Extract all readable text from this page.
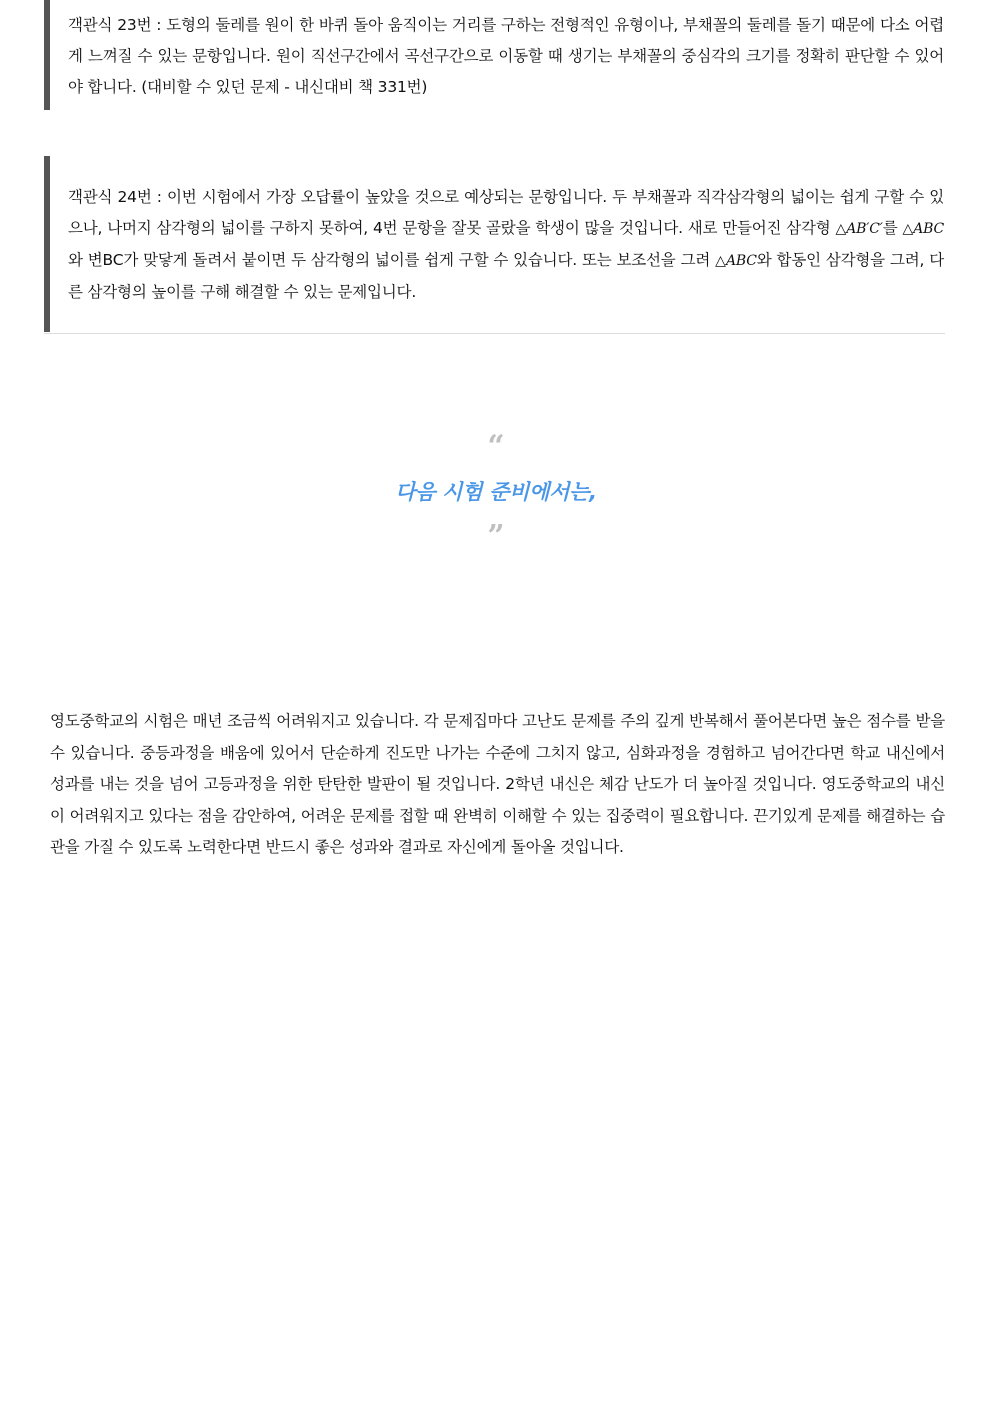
객관식 23번 : 도형의 둘레를 원이 한 바퀴 돌아 움직이는 거리를 구하는 전형적인 유형이나, 부채꼴의 둘레를 돌기 때문에 다소 어렵게 느껴질 수 있는 문항입니다. 원이 직선구간에서 곡선구간으로 이동할 때 생기는 부채꼴의 중심각의 크기를 정확히 판단할 수 있어야 합니다. (대비할 수 있던 문제 - 내신대비 책 331번)
객관식 24번 : 이번 시험에서 가장 오답률이 높았을 것으로 예상되는 문항입니다. 두 부채꼴과 직각삼각형의 넓이는 쉽게 구할 수 있으나, 나머지 삼각형의 넓이를 구하지 못하여, 4번 문항을 잘못 골랐을 학생이 많을 것입니다. 새로 만들어진 삼각형 △AB′C′를 △ABC와 변BC가 맞닿게 돌려서 붙이면 두 삼각형의 넓이를 쉽게 구할 수 있습니다. 또는 보조선을 그려 △ABC와 합동인 삼각형을 그려, 다른 삼각형의 높이를 구해 해결할 수 있는 문제입니다.
“
다음 시험 준비에서는,
”
영도중학교의 시험은 매년 조금씩 어려워지고 있습니다. 각 문제집마다 고난도 문제를 주의 깊게 반복해서 풀어본다면 높은 점수를 받을 수 있습니다. 중등과정을 배움에 있어서 단순하게 진도만 나가는 수준에 그치지 않고, 심화과정을 경험하고 넘어간다면 학교 내신에서 성과를 내는 것을 넘어 고등과정을 위한 탄탄한 발판이 될 것입니다. 2학년 내신은 체감 난도가 더 높아질 것입니다. 영도중학교의 내신이 어려워지고 있다는 점을 감안하여, 어려운 문제를 접할 때 완벽히 이해할 수 있는 집중력이 필요합니다. 끈기있게 문제를 해결하는 습관을 가질 수 있도록 노력한다면 반드시 좋은 성과와 결과로 자신에게 돌아올 것입니다.
